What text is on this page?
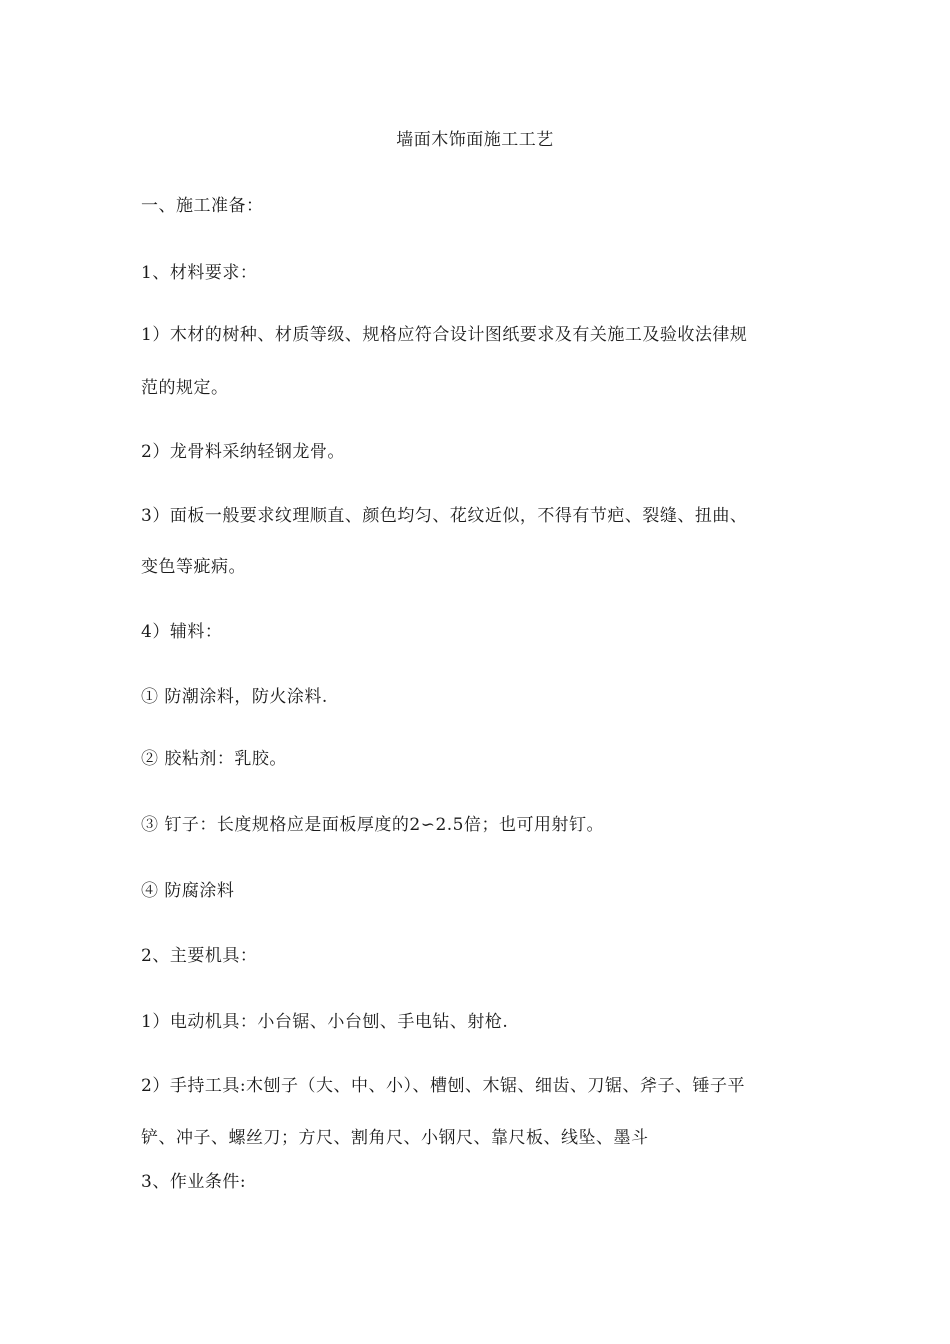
墙面木饰面施工工艺
一、施工准备：
1、材料要求：
1）木材的树种、材质等级、规格应符合设计图纸要求及有关施工及验收法律规
范的规定。
2）龙骨料采纳轻钢龙骨。
3）面板一般要求纹理顺直、颜色均匀、花纹近似，不得有节疤、裂缝、扭曲、
变色等疵病。
4）辅料：
① 防潮涂料，防火涂料.
② 胶粘剂：乳胶。
③ 钉子：长度规格应是面板厚度的2∽2.5倍；也可用射钉。
④ 防腐涂料
2、主要机具：
1）电动机具：小台锯、小台刨、手电钻、射枪.
2）手持工具:木刨子（大、中、小）、槽刨、木锯、细齿、刀锯、斧子、锤子平
铲、冲子、螺丝刀；方尺、割角尺、小钢尺、靠尺板、线坠、墨斗
3、作业条件:
